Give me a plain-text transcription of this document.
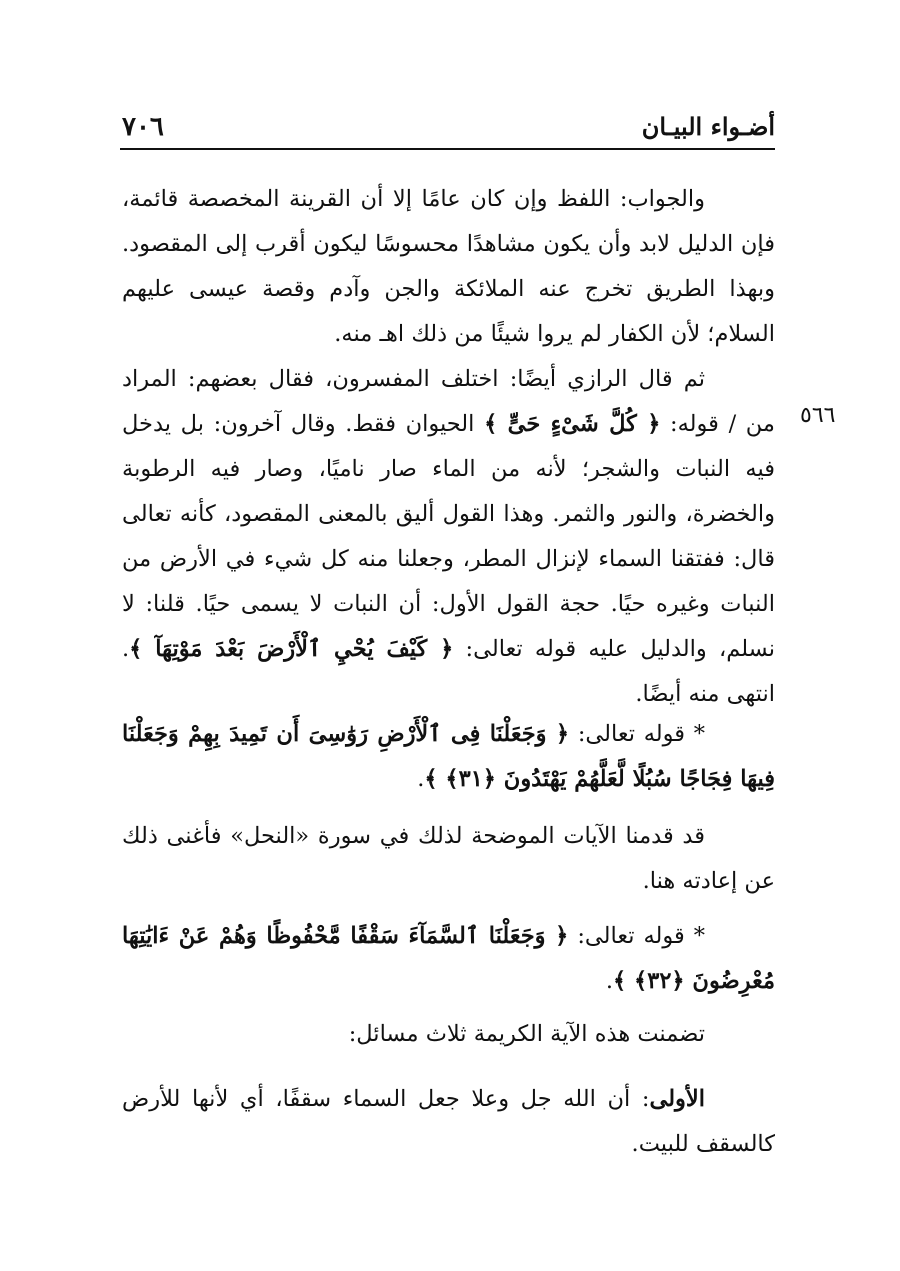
٧٠٦	أضـواء البيـان
٥٦٦

والجواب: اللفظ وإن كان عامًا إلا أن القرينة المخصصة قائمة، فإن الدليل لابد وأن يكون مشاهدًا محسوسًا ليكون أقرب إلى المقصود. وبهذا الطريق تخرج عنه الملائكة والجن وآدم وقصة عيسى عليهم السلام؛ لأن الكفار لم يروا شيئًا من ذلك اهـ منه.

ثم قال الرازي أيضًا: اختلف المفسرون، فقال بعضهم: المراد من / قوله: ﴿ كُلَّ شَىْءٍ حَىٍّ ﴾ الحيوان فقط. وقال آخرون: بل يدخل فيه النبات والشجر؛ لأنه من الماء صار ناميًا، وصار فيه الرطوبة والخضرة، والنور والثمر. وهذا القول أليق بالمعنى المقصود، كأنه تعالى قال: ففتقنا السماء لإنزال المطر، وجعلنا منه كل شيء في الأرض من النبات وغيره حيًا. حجة القول الأول: أن النبات لا يسمى حيًا. قلنا: لا نسلم، والدليل عليه قوله تعالى: ﴿ كَيْفَ يُحْيِ ٱلْأَرْضَ بَعْدَ مَوْتِهَآ ﴾. انتهى منه أيضًا.

* قوله تعالى: ﴿ وَجَعَلْنَا فِى ٱلْأَرْضِ رَوَٰسِىَ أَن تَمِيدَ بِهِمْ وَجَعَلْنَا فِيهَا فِجَاجًا سُبُلًا لَّعَلَّهُمْ يَهْتَدُونَ ﴿٣١﴾ ﴾.

قد قدمنا الآيات الموضحة لذلك في سورة «النحل» فأغنى ذلك عن إعادته هنا.

* قوله تعالى: ﴿ وَجَعَلْنَا ٱلسَّمَآءَ سَقْفًا مَّحْفُوظًا وَهُمْ عَنْ ءَايَٰتِهَا مُعْرِضُونَ ﴿٣٢﴾ ﴾.

تضمنت هذه الآية الكريمة ثلاث مسائل:

الأولى: أن الله جل وعلا جعل السماء سقفًا، أي لأنها للأرض كالسقف للبيت.
